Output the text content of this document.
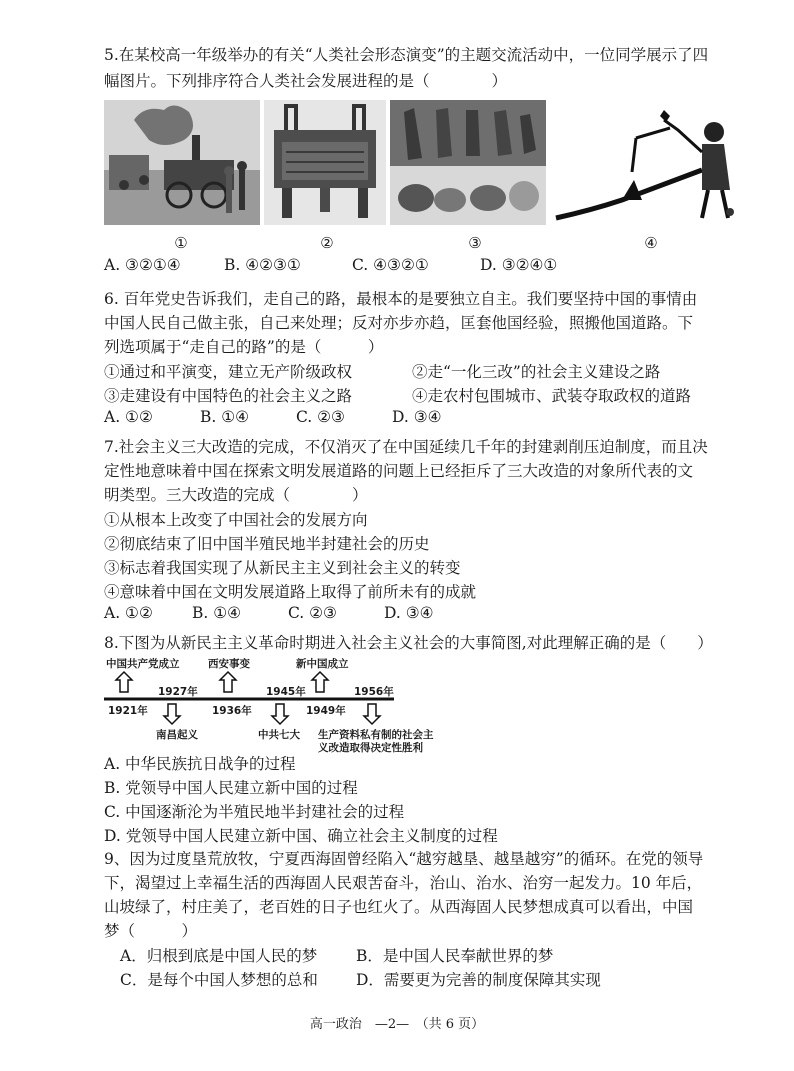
5.在某校高一年级举办的有关“人类社会形态演变”的主题交流活动中，一位同学展示了四
幅图片。下列排序符合人类社会发展进程的是（　　　　）
①	②	③	④
A. ③②①④	B. ④②③①	C. ④③②①	D. ③②④①
6. 百年党史告诉我们，走自己的路，最根本的是要独立自主。我们要坚持中国的事情由
中国人民自己做主张，自己来处理；反对亦步亦趋，匡套他国经验，照搬他国道路。下
列选项属于“走自己的路”的是（　　　）
①通过和平演变，建立无产阶级政权	②走“一化三改”的社会主义建设之路
③走建设有中国特色的社会主义之路	④走农村包围城市、武装夺取政权的道路
A. ①②	B. ①④	C. ②③	D. ③④
7.社会主义三大改造的完成，不仅消灭了在中国延续几千年的封建剥削压迫制度，而且决
定性地意味着中国在探索文明发展道路的问题上已经拒斥了三大改造的对象所代表的文
明类型。三大改造的完成（　　　　）
①从根本上改变了中国社会的发展方向
②彻底结束了旧中国半殖民地半封建社会的历史
③标志着我国实现了从新民主主义到社会主义的转变
④意味着中国在文明发展道路上取得了前所未有的成就
A. ①②	B. ①④	C. ②③	D. ③④
8.下图为从新民主主义革命时期进入社会主义社会的大事简图,对此理解正确的是（　　）
中国共产党成立	西安事变	新中国成立
1927年	1945年	1956年
1921年	1936年	1949年
南昌起义	中共七大 生产资料私有制的社会主
义改造取得决定性胜利
A. 中华民族抗日战争的过程
B. 党领导中国人民建立新中国的过程
C. 中国逐渐沦为半殖民地半封建社会的过程
D. 党领导中国人民建立新中国、确立社会主义制度的过程
9、因为过度垦荒放牧，宁夏西海固曾经陷入“越穷越垦、越垦越穷”的循环。在党的领导
下，渴望过上幸福生活的西海固人民艰苦奋斗，治山、治水、治穷一起发力。10 年后，
山坡绿了，村庄美了，老百姓的日子也红火了。从西海固人民梦想成真可以看出，中国
梦（　　　）
A．归根到底是中国人民的梦	B．是中国人民奉献世界的梦
C．是每个中国人梦想的总和 D．需要更为完善的制度保障其实现
高一政治　—2—　（共 6 页）
